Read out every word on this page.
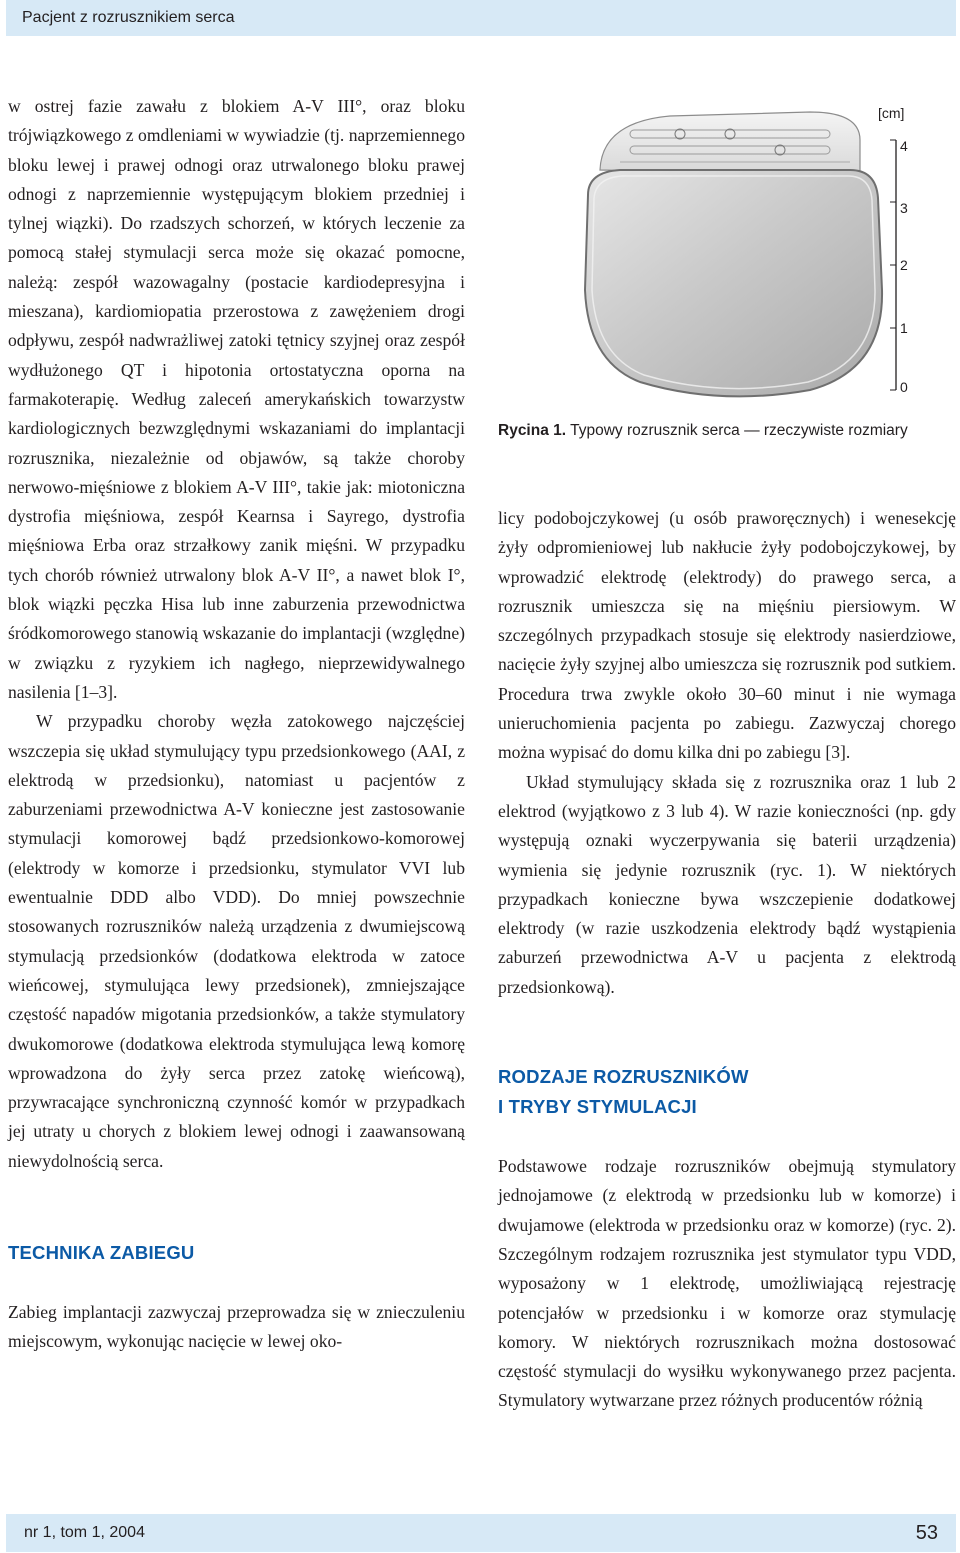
Pacjent z rozrusznikiem serca

w ostrej fazie zawału z blokiem A-V III°, oraz bloku trójwiązkowego z omdleniami w wywiadzie (tj. naprzemiennego bloku lewej i prawej odnogi oraz utrwalonego bloku prawej odnogi z naprzemiennie występującym blokiem przedniej i tylnej wiązki). Do rzadszych schorzeń, w których leczenie za pomocą stałej stymulacji serca może się okazać pomocne, należą: zespół wazowagalny (postacie kardiodepresyjna i mieszana), kardiomiopatia przerostowa z zawężeniem drogi odpływu, zespół nadwrażliwej zatoki tętnicy szyjnej oraz zespół wydłużonego QT i hipotonia ortostatyczna oporna na farmakoterapię. Według zaleceń amerykańskich towarzystw kardiologicznych bezwzględnymi wskazaniami do implantacji rozrusznika, niezależnie od objawów, są także choroby nerwowo-mięśniowe z blokiem A-V III°, takie jak: miotoniczna dystrofia mięśniowa, zespół Kearnsa i Sayrego, dystrofia mięśniowa Erba oraz strzałkowy zanik mięśni. W przypadku tych chorób również utrwalony blok A-V II°, a nawet blok I°, blok wiązki pęczka Hisa lub inne zaburzenia przewodnictwa śródkomorowego stanowią wskazanie do implantacji (względne) w związku z ryzykiem ich nagłego, nieprzewidywalnego nasilenia [1–3].

W przypadku choroby węzła zatokowego najczęściej wszczepia się układ stymulujący typu przedsionkowego (AAI, z elektrodą w przedsionku), natomiast u pacjentów z zaburzeniami przewodnictwa A-V konieczne jest zastosowanie stymulacji komorowej bądź przedsionkowo-komorowej (elektrody w komorze i przedsionku, stymulator VVI lub ewentualnie DDD albo VDD). Do mniej powszechnie stosowanych rozruszników należą urządzenia z dwumiejscową stymulacją przedsionków (dodatkowa elektroda w zatoce wieńcowej, stymulująca lewy przedsionek), zmniejszające częstość napadów migotania przedsionków, a także stymulatory dwukomorowe (dodatkowa elektroda stymulująca lewą komorę wprowadzona do żyły serca przez zatokę wieńcową), przywracające synchroniczną czynność komór w przypadkach jej utraty u chorych z blokiem lewej odnogi i zaawansowaną niewydolnością serca.

TECHNIKA ZABIEGU

Zabieg implantacji zazwyczaj przeprowadza się w znieczuleniu miejscowym, wykonując nacięcie w lewej oko-

[cm]
4
3
2
1
0
Rycina 1. Typowy rozrusznik serca — rzeczywiste rozmiary

licy podobojczykowej (u osób praworęcznych) i wenesekcję żyły odpromieniowej lub nakłucie żyły podobojczykowej, by wprowadzić elektrodę (elektrody) do prawego serca, a rozrusznik umieszcza się na mięśniu piersiowym. W szczególnych przypadkach stosuje się elektrody nasierdziowe, nacięcie żyły szyjnej albo umieszcza się rozrusznik pod sutkiem. Procedura trwa zwykle około 30–60 minut i nie wymaga unieruchomienia pacjenta po zabiegu. Zazwyczaj chorego można wypisać do domu kilka dni po zabiegu [3].

Układ stymulujący składa się z rozrusznika oraz 1 lub 2 elektrod (wyjątkowo z 3 lub 4). W razie konieczności (np. gdy występują oznaki wyczerpywania się baterii urządzenia) wymienia się jedynie rozrusznik (ryc. 1). W niektórych przypadkach konieczne bywa wszczepienie dodatkowej elektrody (w razie uszkodzenia elektrody bądź wystąpienia zaburzeń przewodnictwa A-V u pacjenta z elektrodą przedsionkową).

RODZAJE ROZRUSZNIKÓW
I TRYBY STYMULACJI

Podstawowe rodzaje rozruszników obejmują stymulatory jednojamowe (z elektrodą w przedsionku lub w komorze) i dwujamowe (elektroda w przedsionku oraz w komorze) (ryc. 2). Szczególnym rodzajem rozrusznika jest stymulator typu VDD, wyposażony w 1 elektrodę, umożliwiającą rejestrację potencjałów w przedsionku i w komorze oraz stymulację komory. W niektórych rozrusznikach można dostosować częstość stymulacji do wysiłku wykonywanego przez pacjenta. Stymulatory wytwarzane przez różnych producentów różnią

nr 1, tom 1, 2004	53
